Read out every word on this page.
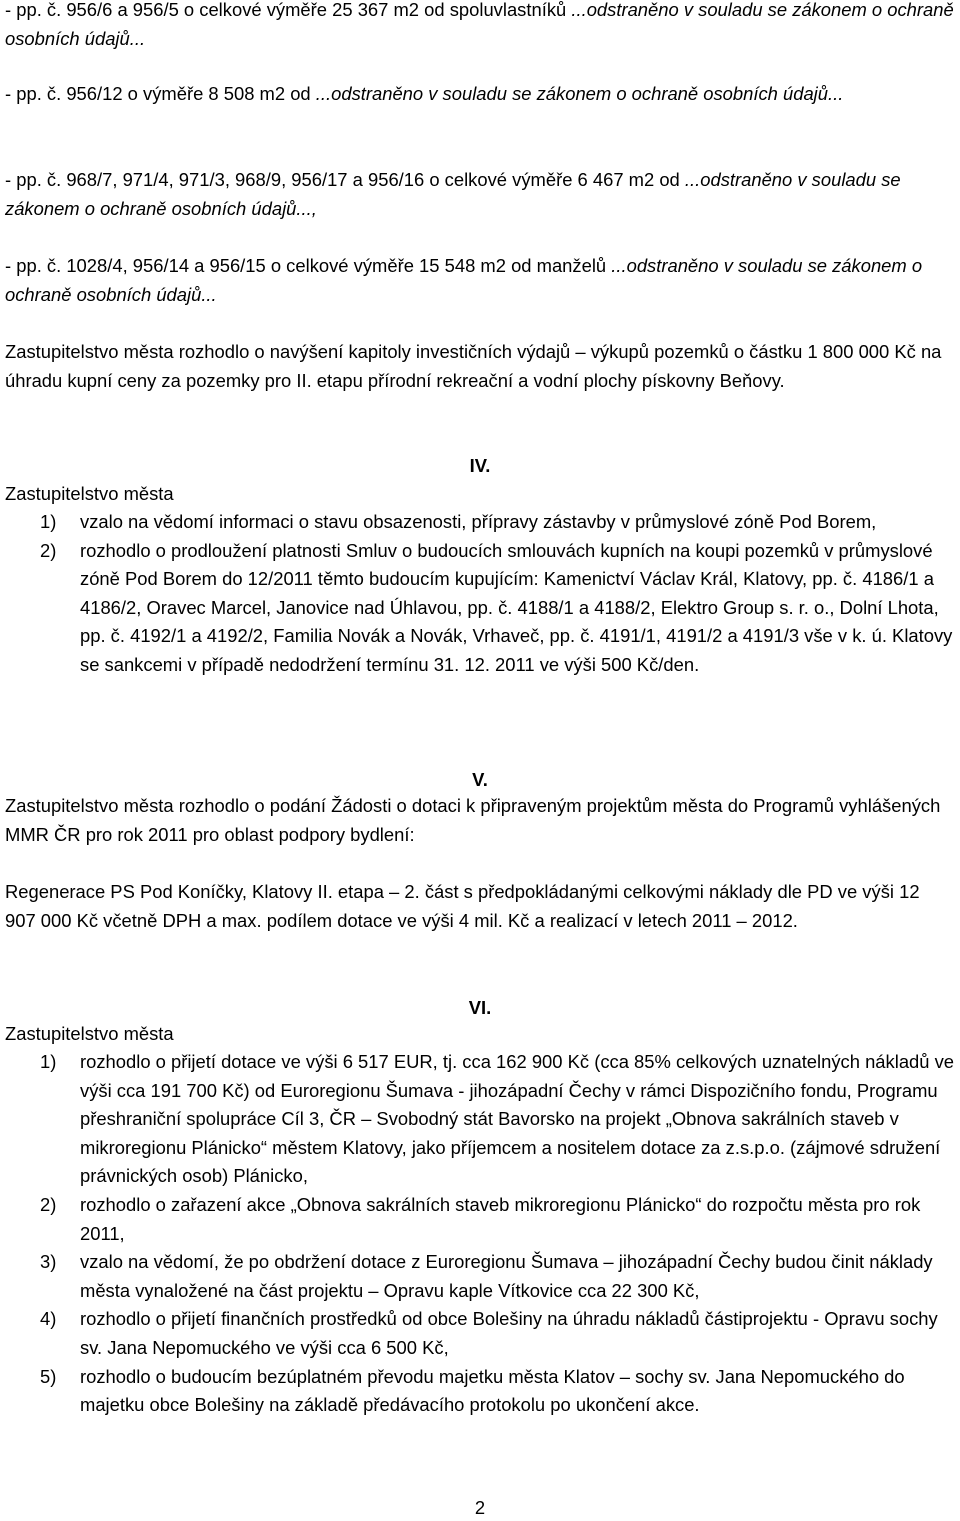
- pp. č. 956/6 a 956/5 o celkové výměře 25 367 m2 od spoluvlastníků ...odstraněno v souladu se zákonem o ochraně osobních údajů...

- pp. č. 956/12 o výměře 8 508 m2 od ...odstraněno v souladu se zákonem o ochraně osobních údajů...

- pp. č. 968/7, 971/4, 971/3, 968/9, 956/17 a 956/16 o celkové výměře 6 467 m2 od ...odstraněno v souladu se zákonem o ochraně osobních údajů...,

- pp. č. 1028/4, 956/14 a 956/15 o celkové výměře 15 548 m2 od manželů ...odstraněno v souladu se zákonem o ochraně osobních údajů...

Zastupitelstvo města rozhodlo o navýšení kapitoly investičních výdajů – výkupů pozemků o částku 1 800 000 Kč na úhradu kupní ceny za pozemky pro II. etapu přírodní rekreační a vodní plochy pískovny Beňovy.

IV.

Zastupitelstvo města

1) vzalo na vědomí informaci o stavu obsazenosti, přípravy zástavby v průmyslové zóně Pod Borem,
2) rozhodlo o prodloužení platnosti Smluv o budoucích smlouvách kupních na koupi pozemků v průmyslové zóně Pod Borem do 12/2011 těmto budoucím kupujícím: Kamenictví Václav Král, Klatovy, pp. č. 4186/1 a 4186/2, Oravec Marcel, Janovice nad Úhlavou, pp. č. 4188/1 a 4188/2, Elektro Group s. r. o., Dolní Lhota, pp. č. 4192/1 a 4192/2, Familia Novák a Novák, Vrhaveč, pp. č. 4191/1, 4191/2 a 4191/3 vše v k. ú. Klatovy se sankcemi v případě nedodržení termínu 31. 12. 2011 ve výši 500 Kč/den.
V.

Zastupitelstvo města rozhodlo o podání Žádosti o dotaci k připraveným projektům města do Programů vyhlášených MMR ČR pro rok 2011 pro oblast podpory bydlení:

Regenerace PS Pod Koníčky, Klatovy II. etapa – 2. část s předpokládanými celkovými náklady dle PD ve výši 12 907 000 Kč včetně DPH a max. podílem dotace ve výši 4 mil. Kč a realizací v letech 2011 – 2012.

VI.

Zastupitelstvo města

1) rozhodlo o přijetí dotace ve výši 6 517 EUR, tj. cca 162 900 Kč (cca 85% celkových uznatelných nákladů ve výši cca 191 700 Kč) od Euroregionu Šumava - jihozápadní Čechy v rámci Dispozičního fondu, Programu přeshraniční spolupráce Cíl 3, ČR – Svobodný stát Bavorsko na projekt „Obnova sakrálních staveb v mikroregionu Plánicko“ městem Klatovy, jako příjemcem a nositelem dotace za z.s.p.o. (zájmové sdružení právnických osob) Plánicko,
2) rozhodlo o zařazení akce „Obnova sakrálních staveb mikroregionu Plánicko“ do rozpočtu města pro rok 2011,
3) vzalo na vědomí, že po obdržení dotace z Euroregionu Šumava – jihozápadní Čechy budou činit náklady města vynaložené na část projektu – Opravu kaple Vítkovice cca 22 300 Kč,
4) rozhodlo o přijetí finančních prostředků od obce Bolešiny na úhradu nákladů částiprojektu - Opravu sochy sv. Jana Nepomuckého ve výši cca 6 500 Kč,
5) rozhodlo o budoucím bezúplatném převodu majetku města Klatov – sochy sv. Jana Nepomuckého do majetku obce Bolešiny na základě předávacího protokolu po ukončení akce.
2
